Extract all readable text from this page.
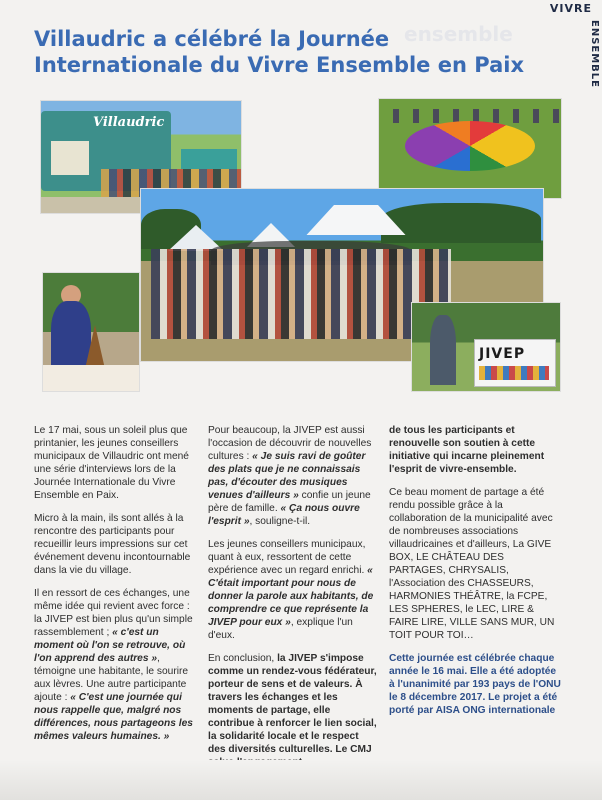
VIVRE
ENSEMBLE
ensemble
Villaudric a célébré la Journée Internationale du Vivre Ensemble en Paix
Villaudric
JIVEP

Le 17 mai, sous un soleil plus que printanier, les jeunes conseillers municipaux de Villaudric ont mené une série d'interviews lors de la Journée Internationale du Vivre Ensemble en Paix.

Micro à la main, ils sont allés à la rencontre des participants pour recueillir leurs impressions sur cet événement devenu incontournable dans la vie du village.

Il en ressort de ces échanges, une même idée qui revient avec force : la JIVEP est bien plus qu'un simple rassemblement ; « c'est un moment où l'on se retrouve, où l'on apprend des autres », témoigne une habitante, le sourire aux lèvres. Une autre participante ajoute : « C'est une journée qui nous rappelle que, malgré nos différences, nous partageons les mêmes valeurs humaines. »

Pour beaucoup, la JIVEP est aussi l'occasion de découvrir de nouvelles cultures : « Je suis ravi de goûter des plats que je ne connaissais pas, d'écouter des musiques venues d'ailleurs » confie un jeune père de famille. « Ça nous ouvre l'esprit », souligne-t-il.

Les jeunes conseillers municipaux, quant à eux, ressortent de cette expérience avec un regard enrichi. « C'était important pour nous de donner la parole aux habitants, de comprendre ce que représente la JIVEP pour eux », explique l'un d'eux.

En conclusion, la JIVEP s'impose comme un rendez-vous fédérateur, porteur de sens et de valeurs. À travers les échanges et les moments de partage, elle contribue à renforcer le lien social, la solidarité locale et le respect des diversités culturelles. Le CMJ

de tous les participants et renouvelle son soutien à cette initiative qui incarne pleinement l'esprit de vivre-ensemble.

Ce beau moment de partage a été rendu possible grâce à la collaboration de la municipalité avec de nombreuses associations villaudricaines et d'ailleurs, La GIVE BOX, LE CHÂTEAU DES PARTAGES, CHRYSALIS, l'Association des CHASSEURS, HARMONIES THÉÂTRE, la FCPE, LES SPHERES, le LEC, LIRE & FAIRE LIRE, VILLE SANS MUR, UN TOIT POUR TOI…

Cette journée est célébrée chaque année le 16 mai. Elle a été adoptée à l'unanimité par 193 pays de l'ONU le 8 décembre 2017. Le projet a été porté par AISA ONG internationale
